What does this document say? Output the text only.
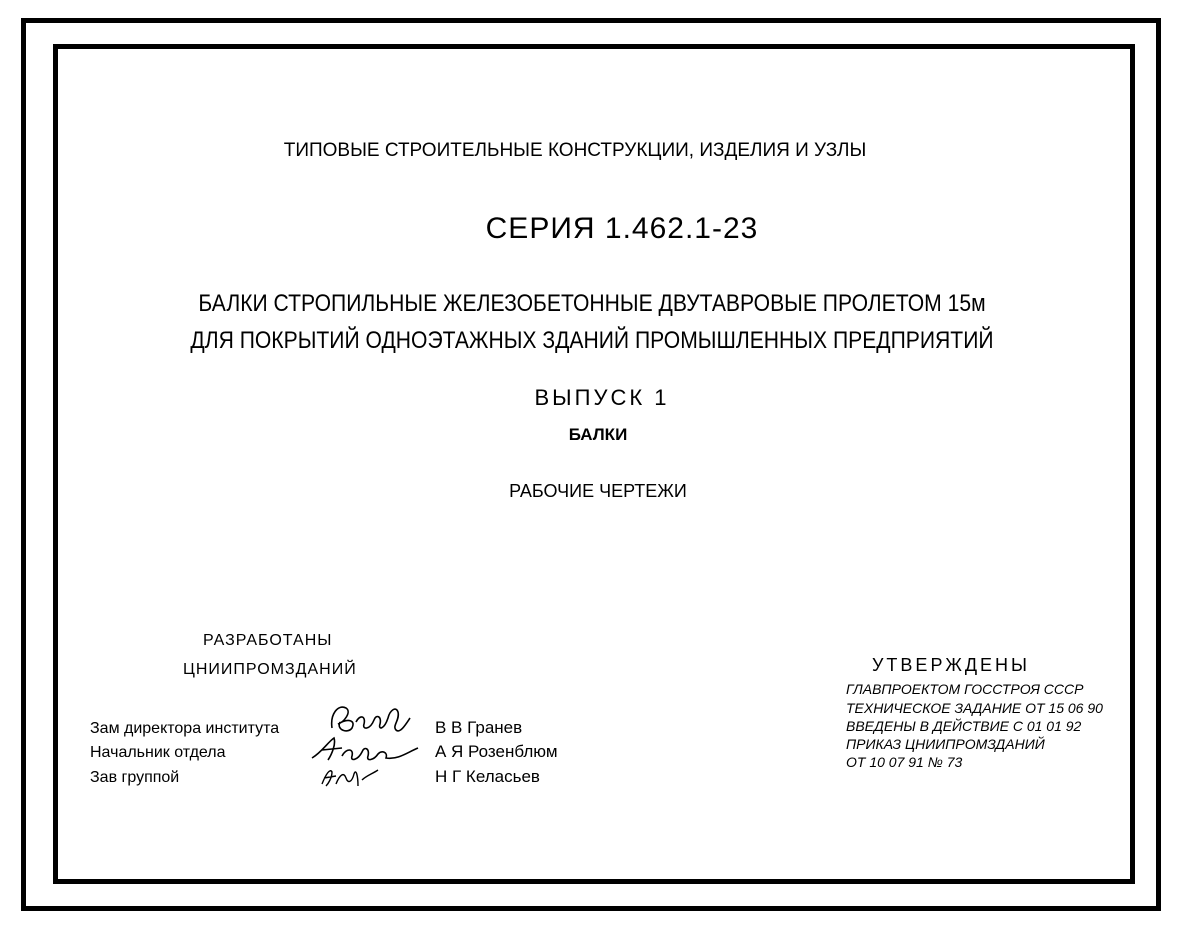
ТИПОВЫЕ СТРОИТЕЛЬНЫЕ КОНСТРУКЦИИ, ИЗДЕЛИЯ И УЗЛЫ
СЕРИЯ 1.462.1-23
БАЛКИ СТРОПИЛЬНЫЕ ЖЕЛЕЗОБЕТОННЫЕ ДВУТАВРОВЫЕ ПРОЛЕТОМ 15м
ДЛЯ ПОКРЫТИЙ ОДНОЭТАЖНЫХ ЗДАНИЙ ПРОМЫШЛЕННЫХ ПРЕДПРИЯТИЙ
ВЫПУСК 1
БАЛКИ
РАБОЧИЕ ЧЕРТЕЖИ
РАЗРАБОТАНЫ
ЦНИИПРОМЗДАНИЙ
Зам директора института
Начальник отдела
Зав группой
В В Гранев
А Я Розенблюм
Н Г Келасьев
УТВЕРЖДЕНЫ
ГЛАВПРОЕКТОМ ГОССТРОЯ СССР
ТЕХНИЧЕСКОЕ ЗАДАНИЕ ОТ 15 06 90
ВВЕДЕНЫ В ДЕЙСТВИЕ С 01 01 92
ПРИКАЗ ЦНИИПРОМЗДАНИЙ
ОТ 10 07 91 № 73
